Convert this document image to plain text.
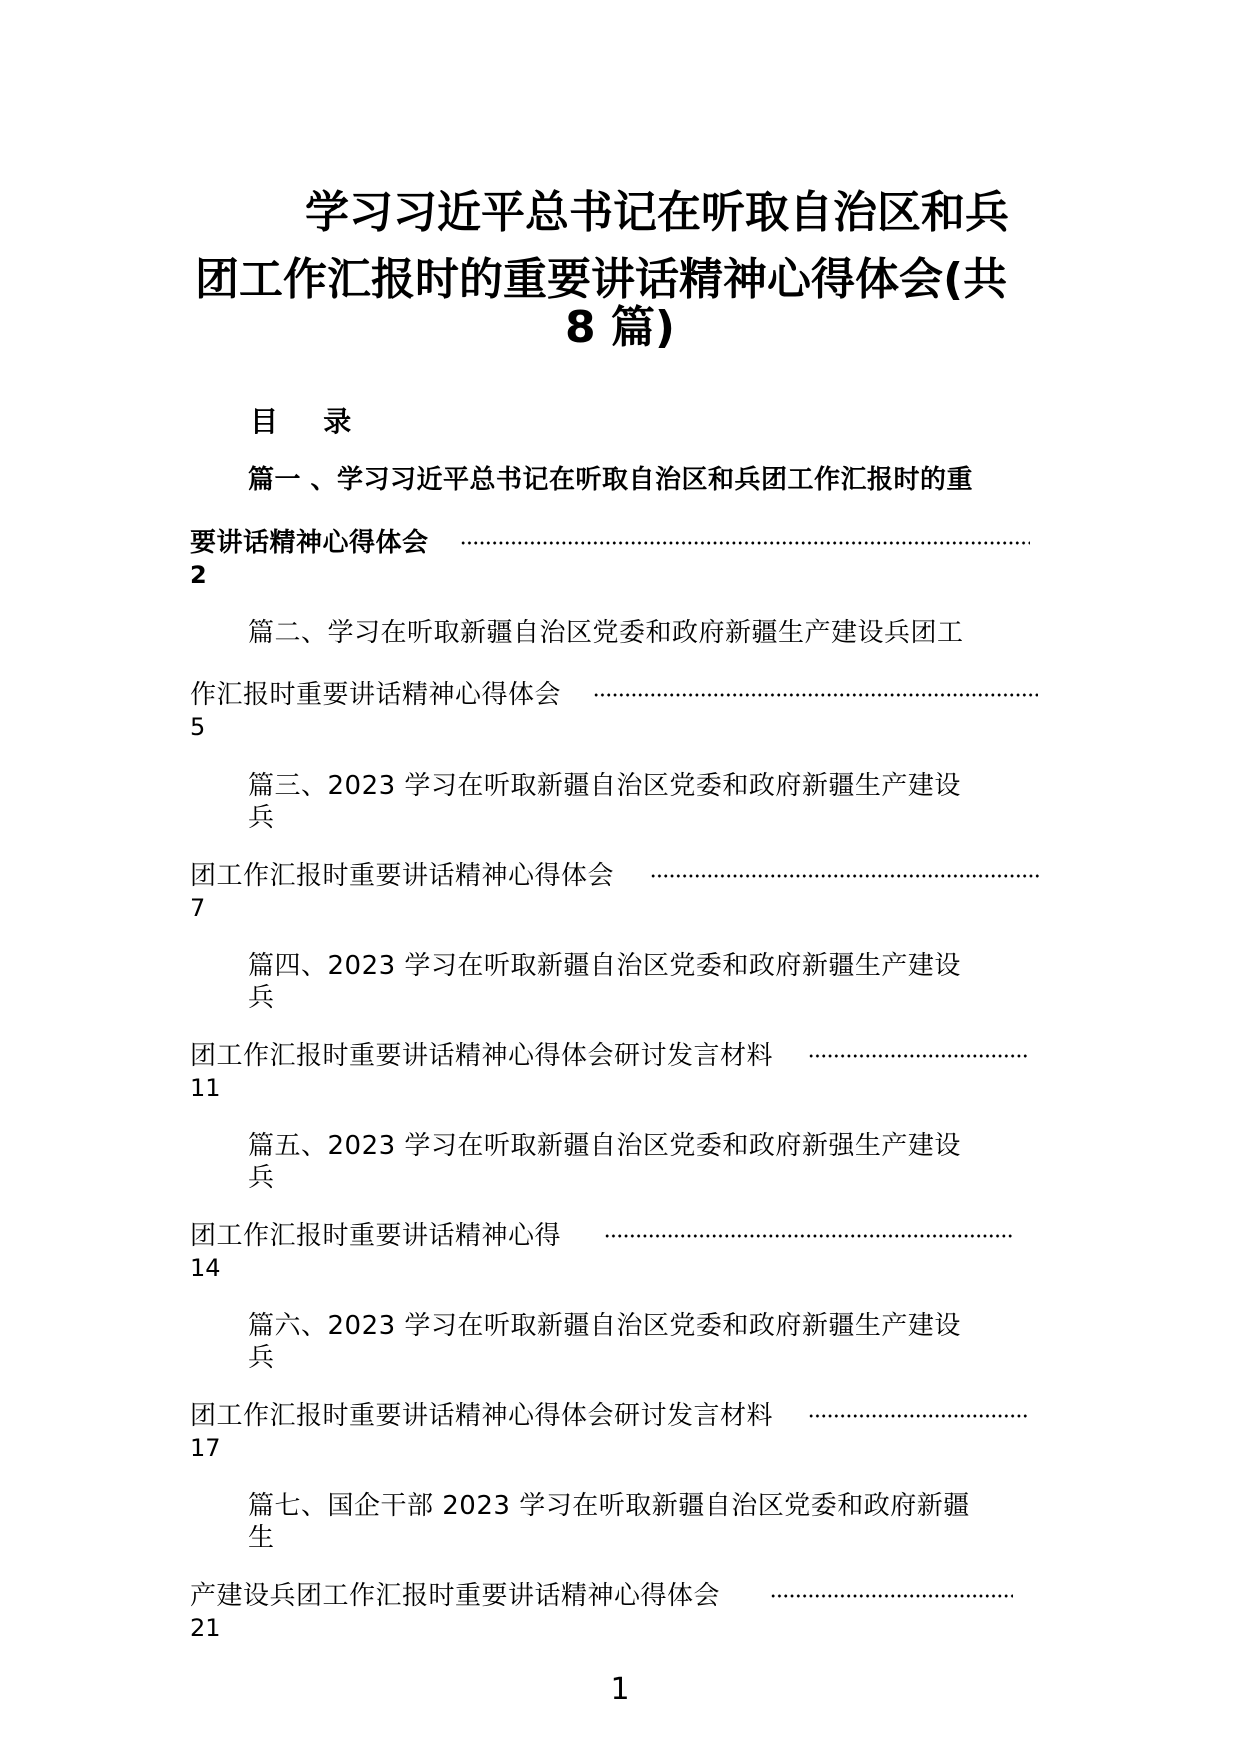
学习习近平总书记在听取自治区和兵
团工作汇报时的重要讲话精神心得体会(共
8 篇)
目   录
篇一 、学习习近平总书记在听取自治区和兵团工作汇报时的重
要讲话精神心得体会
2
篇二、学习在听取新疆自治区党委和政府新疆生产建设兵团工
作汇报时重要讲话精神心得体会
5
篇三、2023 学习在听取新疆自治区党委和政府新疆生产建设
兵
团工作汇报时重要讲话精神心得体会
7
篇四、2023 学习在听取新疆自治区党委和政府新疆生产建设
兵
团工作汇报时重要讲话精神心得体会研讨发言材料
11
篇五、2023 学习在听取新疆自治区党委和政府新强生产建设
兵
团工作汇报时重要讲话精神心得
14
篇六、2023 学习在听取新疆自治区党委和政府新疆生产建设
兵
团工作汇报时重要讲话精神心得体会研讨发言材料
17
篇七、国企干部 2023 学习在听取新疆自治区党委和政府新疆
生
产建设兵团工作汇报时重要讲话精神心得体会
21
1
